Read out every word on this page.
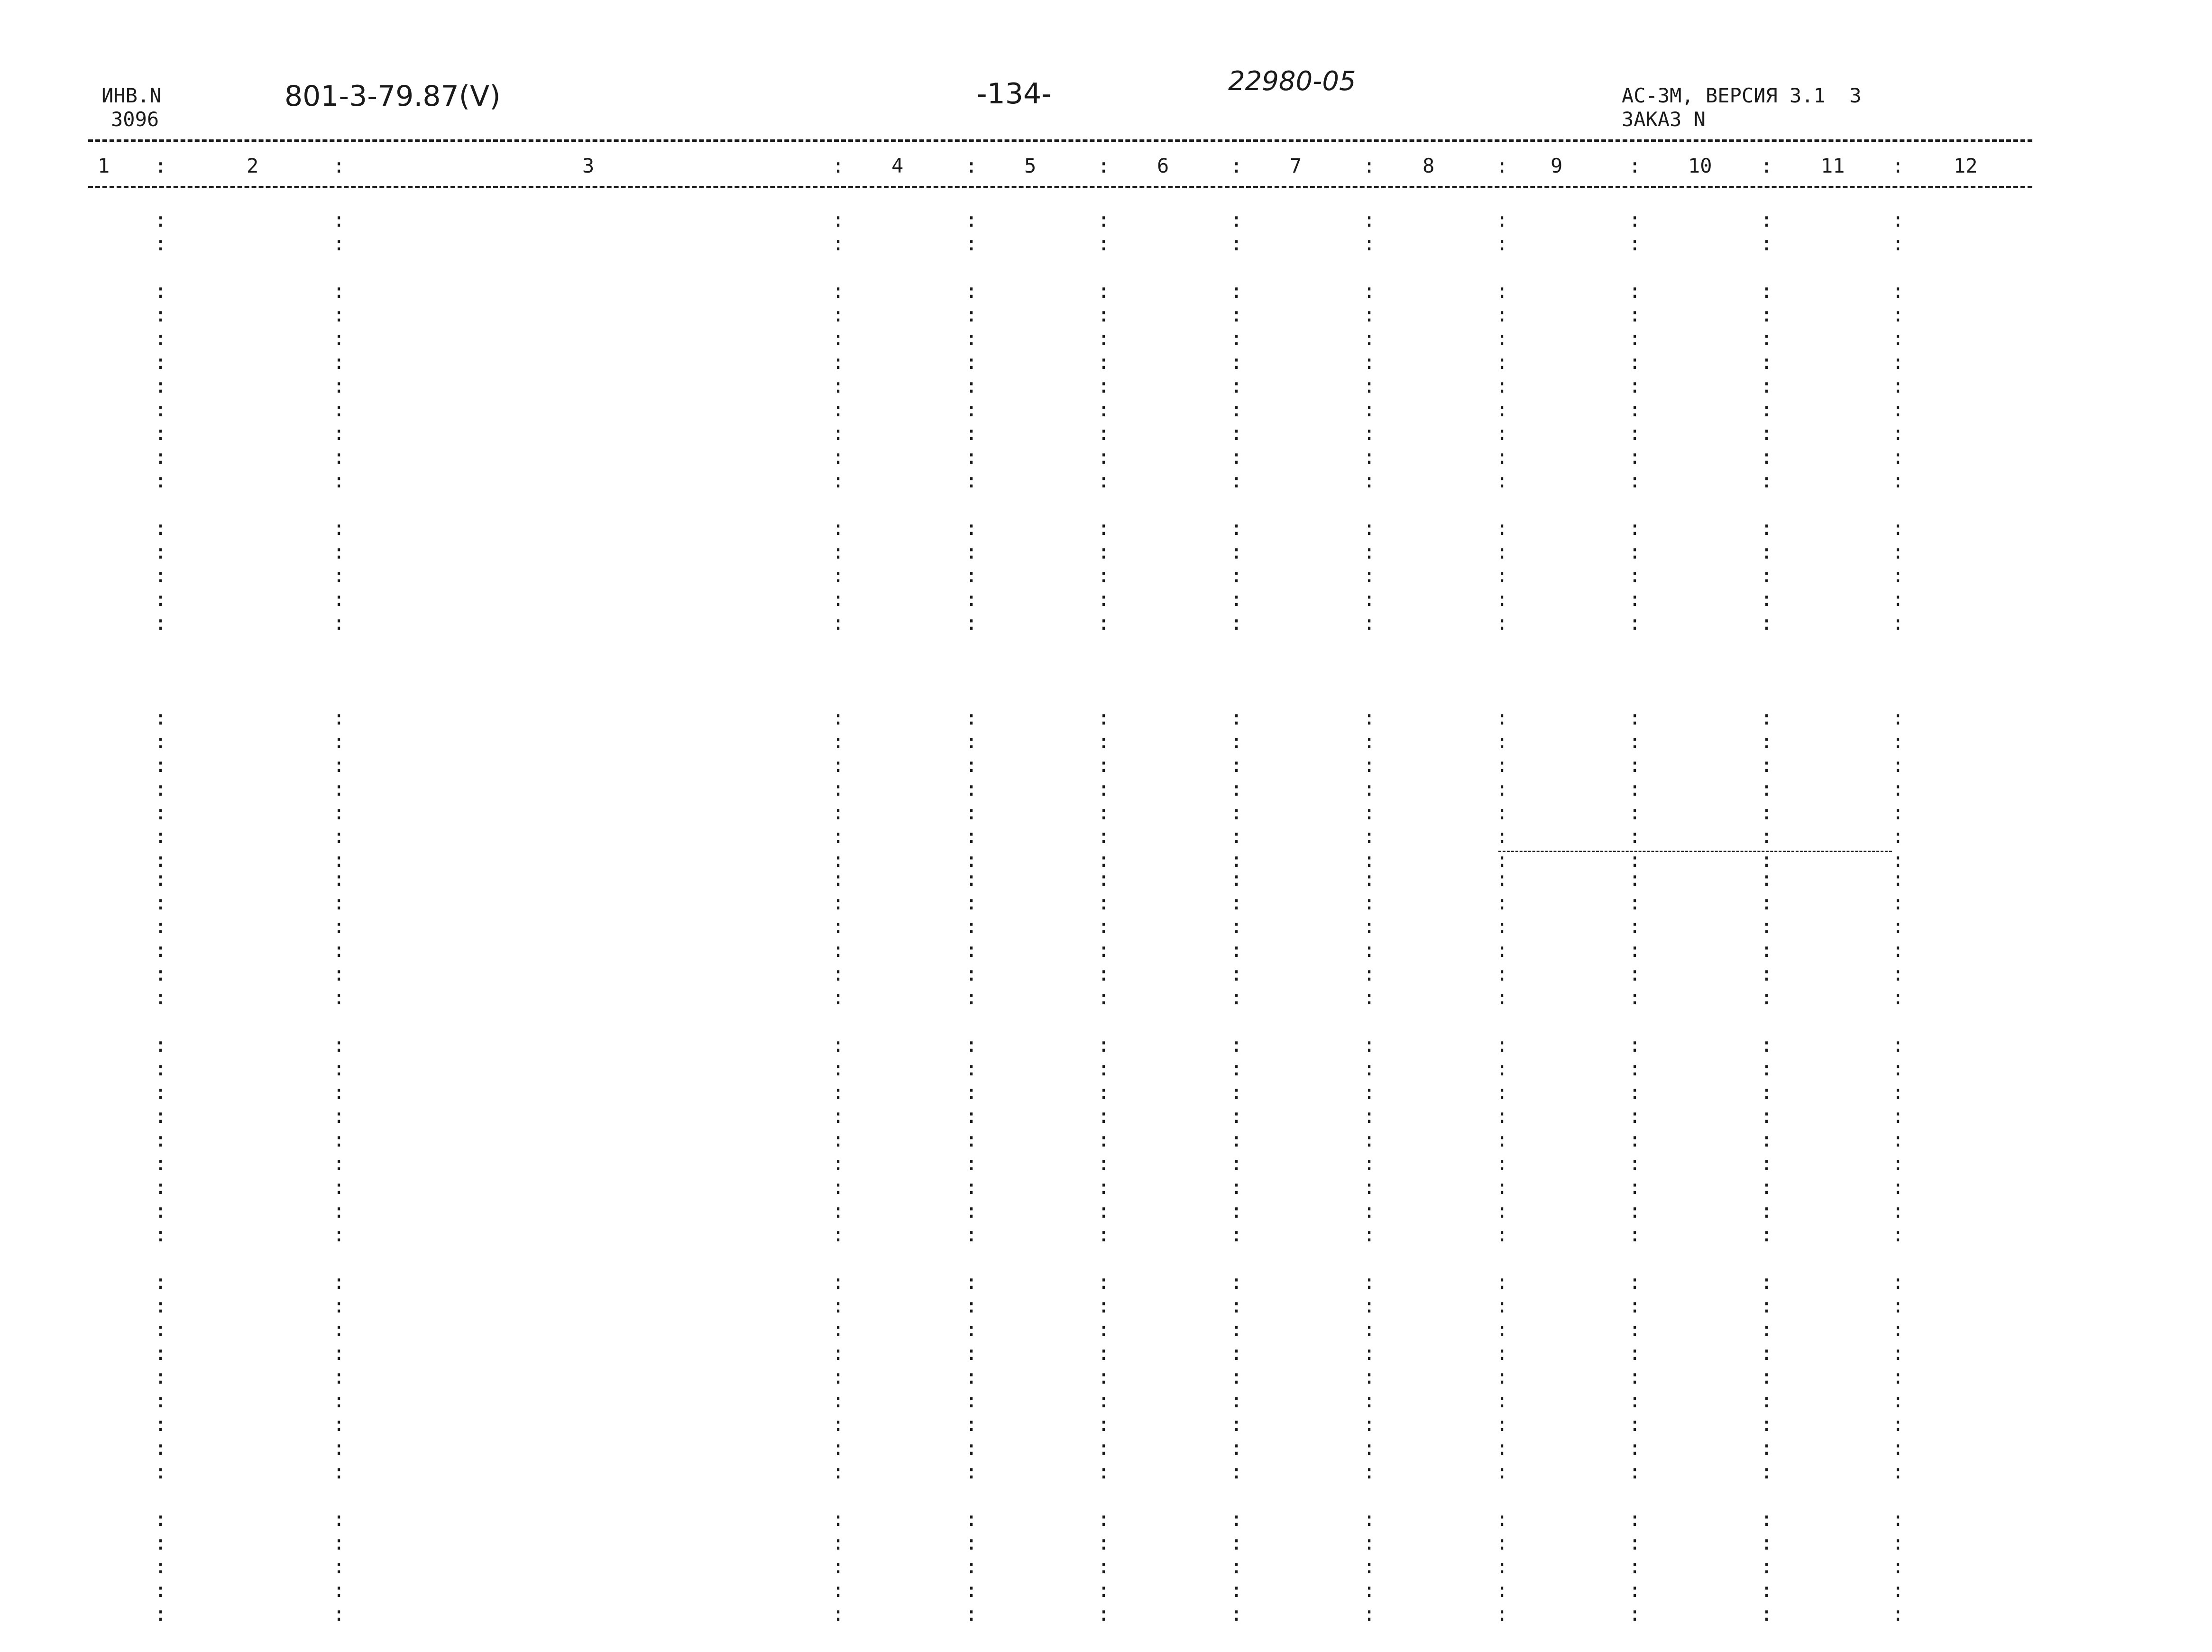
ИНВ.N
3096
801-3-79.87(V)	-134-	22980-05	АС-3М, ВЕРСИЯ 3.1  3
ЗАКАЗ N
1	2	3	4	5	6	7	8	9	10	11	12
:	:	:	:	:	:	:	:	:	:	:
:	:	:	:	:	:	:	:	:	:	:
:	:	:	:	:	:	:	:	:	:	:
:	:	:	:	:	:	:	:	:	:	:
:	:	:	:	:	:	:	:	:	:	:
:	:	:	:	:	:	:	:	:	:	:
:	:	:	:	:	:	:	:	:	:	:
:	:	:	:	:	:	:	:	:	:	:
:	:	:	:	:	:	:	:	:	:	:
:	:	:	:	:	:	:	:	:	:	:
:	:	:	:	:	:	:	:	:	:	:
:	:	:	:	:	:	:	:	:	:	:
:	:	:	:	:	:	:	:	:	:	:
:	:	:	:	:	:	:	:	:	:	:
:	:	:	:	:	:	:	:	:	:	:
:	:	:	:	:	:	:	:	:	:	:
:	:	:	:	:	:	:	:	:	:	:
:	:	:	:	:	:	:	:	:	:	:
:	:	:	:	:	:	:	:	:	:	:
:	:	:	:	:	:	:	:	:	:	:
:	:	:	:	:	:	:	:	:	:	:
:	:	:	:	:	:	:	:	:	:	:
:	:	:	:	:	:	:	:	:	:	:
:	:	:	:	:	:	:	:	:	:	:
:	:	:	:	:	:	:	:	:	:	:
:	:	:	:	:	:	:	:	:	:	:
:	:	:	:	:	:	:	:	:	:	:
:	:	:	:	:	:	:	:	:	:	:
:	:	:	:	:	:	:	:	:	:	:
:	:	:	:	:	:	:	:	:	:	:
:	:	:	:	:	:	:	:	:	:	:
:	:	:	:	:	:	:	:	:	:	:
:	:	:	:	:	:	:	:	:	:	:
:	:	:	:	:	:	:	:	:	:	:
:	:	:	:	:	:	:	:	:	:	:
:	:	:	:	:	:	:	:	:	:	:
:	:	:	:	:	:	:	:	:	:	:
:	:	:	:	:	:	:	:	:	:	:
:	:	:	:	:	:	:	:	:	:	:
:	:	:	:	:	:	:	:	:	:	:
:	:	:	:	:	:	:	:	:	:	:
:	:	:	:	:	:	:	:	:	:	:
:	:	:	:	:	:	:	:	:	:	:
:	:	:	:	:	:	:	:	:	:	:
:	:	:	:	:	:	:	:	:	:	:
:	:	:	:	:	:	:	:	:	:	:
:	:	:	:	:	:	:	:	:	:	:
:	:	:	:	:	:	:	:	:	:	:
:	:	:	:	:	:	:	:	:	:	:
:	:	:	:	:	:	:	:	:	:	:
:	:	:	:	:	:	:	:	:	:	:
:	:	:	:	:	:	:	:	:	:	:
:	:	:	:	:	:	:	:	:	:	:
